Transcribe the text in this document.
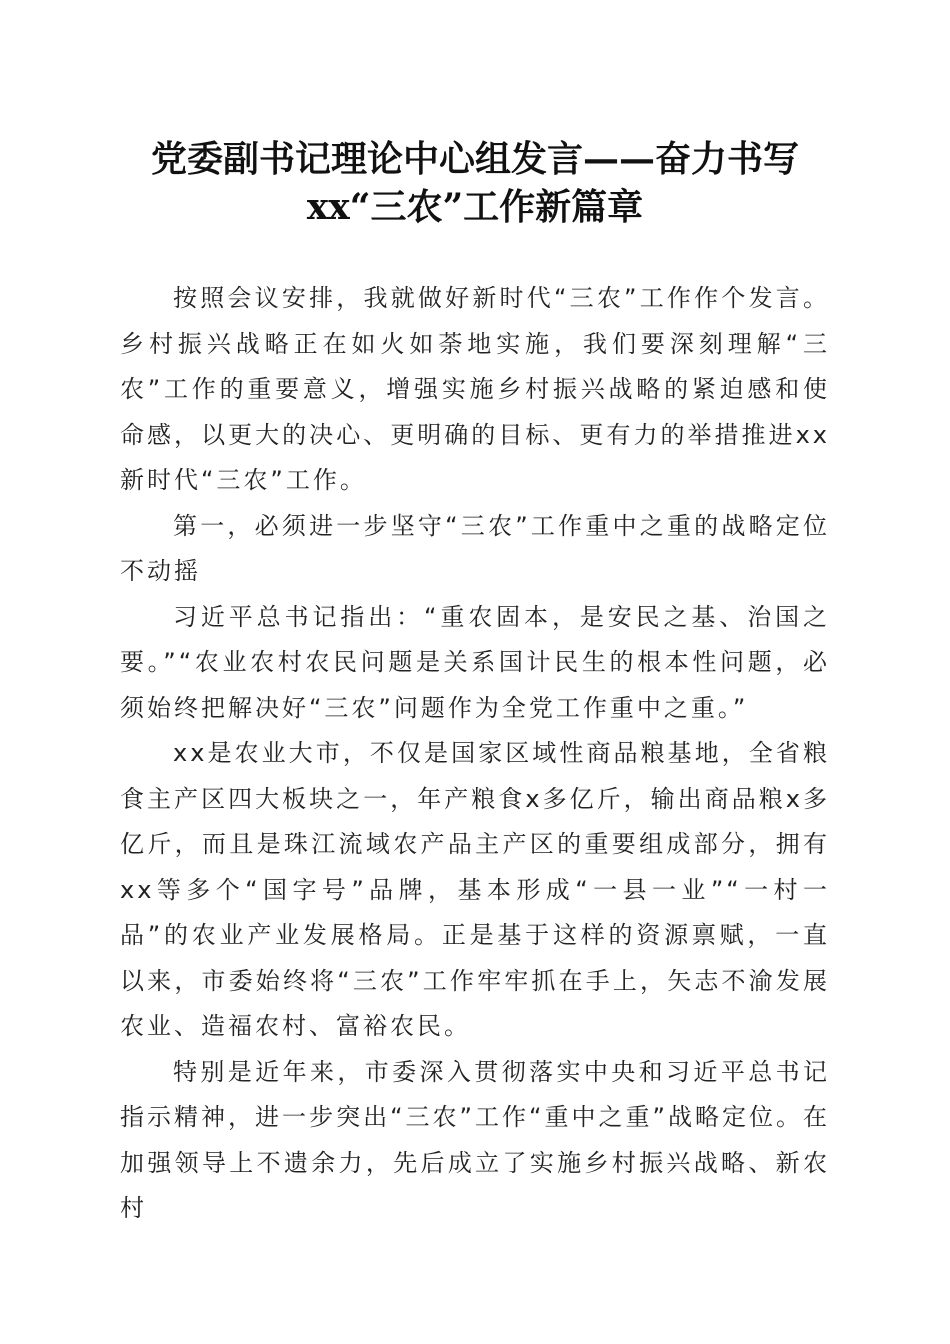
党委副书记理论中心组发言——奋力书写
xx“三农”工作新篇章

按照会议安排，我就做好新时代“三农”工作作个发言。乡村振兴战略正在如火如荼地实施，我们要深刻理解“三农”工作的重要意义，增强实施乡村振兴战略的紧迫感和使命感，以更大的决心、更明确的目标、更有力的举措推进xx新时代“三农”工作。

第一，必须进一步坚守“三农”工作重中之重的战略定位不动摇

习近平总书记指出：“重农固本，是安民之基、治国之要。”“农业农村农民问题是关系国计民生的根本性问题，必须始终把解决好“三农”问题作为全党工作重中之重。”

xx是农业大市，不仅是国家区域性商品粮基地，全省粮食主产区四大板块之一，年产粮食x多亿斤，输出商品粮x多亿斤，而且是珠江流域农产品主产区的重要组成部分，拥有xx等多个“国字号”品牌，基本形成“一县一业”“一村一品”的农业产业发展格局。正是基于这样的资源禀赋，一直以来，市委始终将“三农”工作牢牢抓在手上，矢志不渝发展农业、造福农村、富裕农民。

特别是近年来，市委深入贯彻落实中央和习近平总书记指示精神，进一步突出“三农”工作“重中之重”战略定位。在加强领导上不遗余力，先后成立了实施乡村振兴战略、新农村
